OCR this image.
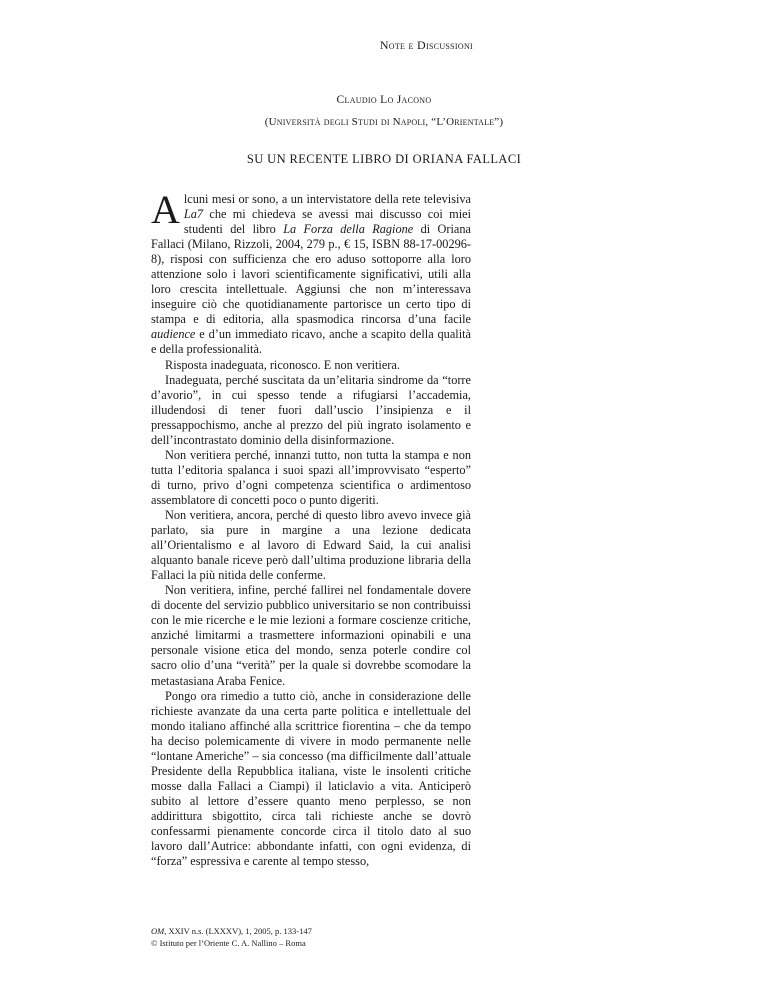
Note e Discussioni
Claudio Lo Jacono
(Università degli Studi di Napoli, “L’Orientale”)
SU UN RECENTE LIBRO DI ORIANA FALLACI

Alcuni mesi or sono, a un intervistatore della rete televisiva La7 che mi chiedeva se avessi mai discusso coi miei studenti del libro La Forza della Ragione di Oriana Fallaci (Milano, Rizzoli, 2004, 279 p., € 15, ISBN 88-17-00296-8), risposi con sufficienza che ero aduso sottoporre alla loro attenzione solo i lavori scientificamente significativi, utili alla loro crescita intellettuale. Aggiunsi che non m’interessava inseguire ciò che quotidianamente partorisce un certo tipo di stampa e di editoria, alla spasmodica rincorsa d’una facile audience e d’un immediato ricavo, anche a scapito della qualità e della professionalità.

Risposta inadeguata, riconosco. E non veritiera.

Inadeguata, perché suscitata da un’elitaria sindrome da “torre d’avorio”, in cui spesso tende a rifugiarsi l’accademia, illudendosi di tener fuori dall’uscio l’insipienza e il pressappochismo, anche al prezzo del più ingrato isolamento e dell’incontrastato dominio della disinformazione.

Non veritiera perché, innanzi tutto, non tutta la stampa e non tutta l’editoria spalanca i suoi spazi all’improvvisato “esperto” di turno, privo d’ogni competenza scientifica o ardimentoso assemblatore di concetti poco o punto digeriti.

Non veritiera, ancora, perché di questo libro avevo invece già parlato, sia pure in margine a una lezione dedicata all’Orientalismo e al lavoro di Edward Said, la cui analisi alquanto banale riceve però dall’ultima produzione libraria della Fallaci la più nitida delle conferme.

Non veritiera, infine, perché fallirei nel fondamentale dovere di docente del servizio pubblico universitario se non contribuissi con le mie ricerche e le mie lezioni a formare coscienze critiche, anziché limitarmi a trasmettere informazioni opinabili e una personale visione etica del mondo, senza poterle condire col sacro olio d’una “verità” per la quale si dovrebbe scomodare la metastasiana Araba Fenice.

Pongo ora rimedio a tutto ciò, anche in considerazione delle richieste avanzate da una certa parte politica e intellettuale del mondo italiano affinché alla scrittrice fiorentina – che da tempo ha deciso polemicamente di vivere in modo permanente nelle “lontane Americhe” – sia concesso (ma difficilmente dall’attuale Presidente della Repubblica italiana, viste le insolenti critiche mosse dalla Fallaci a Ciampi) il laticlavio a vita. Anticiperò subito al lettore d’essere quanto meno perplesso, se non addirittura sbigottito, circa tali richieste anche se dovrò confessarmi pienamente concorde circa il titolo dato al suo lavoro dall’Autrice: abbondante infatti, con ogni evidenza, di “forza” espressiva e carente al tempo stesso,

OM, XXIV n.s. (LXXXV), 1, 2005, p. 133-147
© Istituto per l’Oriente C. A. Nallino – Roma
